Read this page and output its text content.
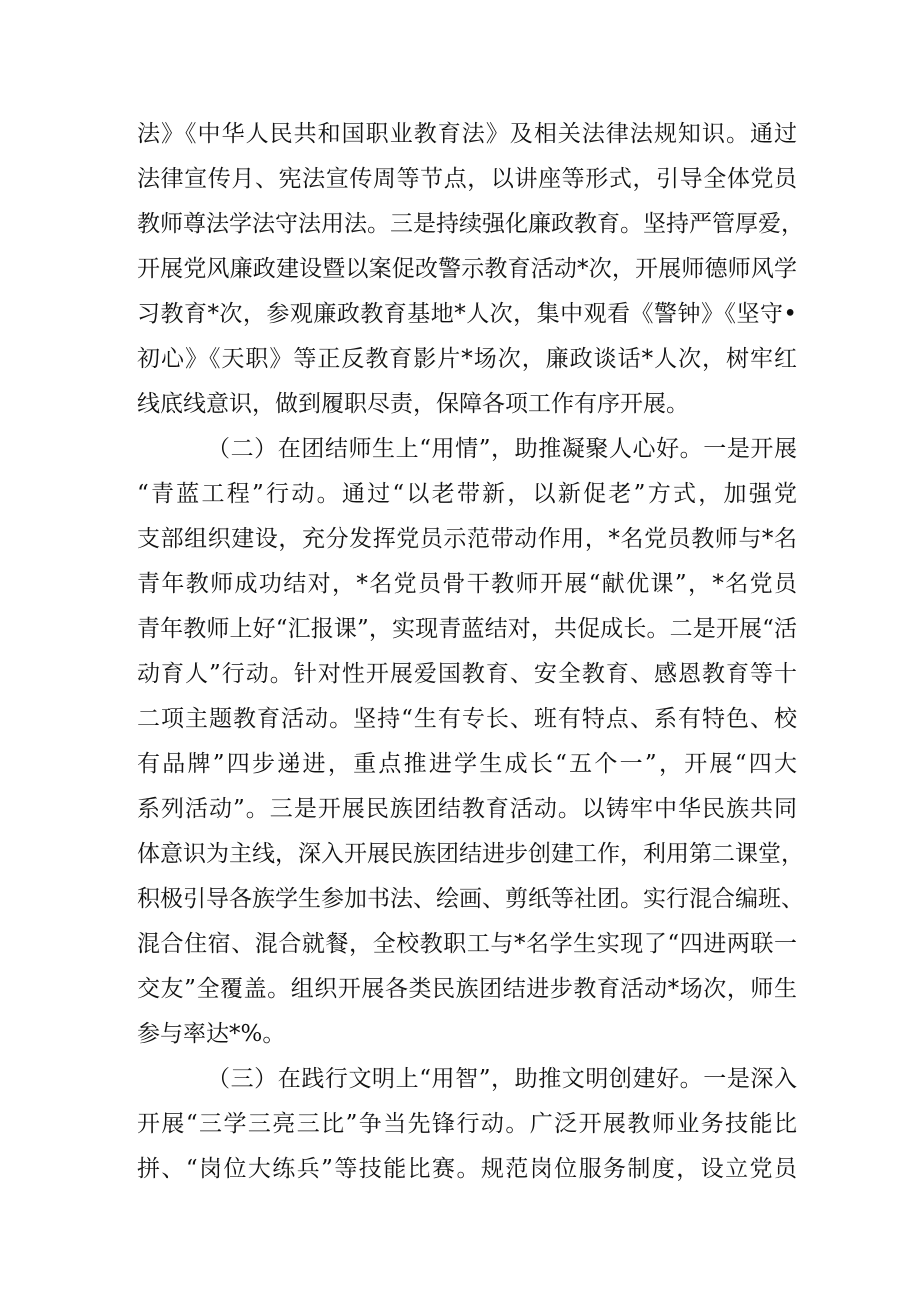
法》《中华人民共和国职业教育法》及相关法律法规知识。通过
法律宣传月、宪法宣传周等节点，以讲座等形式，引导全体党员
教师尊法学法守法用法。三是持续强化廉政教育。坚持严管厚爱，
开展党风廉政建设暨以案促改警示教育活动*次，开展师德师风学
习教育*次，参观廉政教育基地*人次，集中观看《警钟》《坚守•
初心》《天职》等正反教育影片*场次，廉政谈话*人次，树牢红
线底线意识，做到履职尽责，保障各项工作有序开展。
（二）在团结师生上“用情”，助推凝聚人心好。一是开展
“青蓝工程”行动。通过“以老带新，以新促老”方式，加强党
支部组织建设，充分发挥党员示范带动作用，*名党员教师与*名
青年教师成功结对，*名党员骨干教师开展“献优课”，*名党员
青年教师上好“汇报课”，实现青蓝结对，共促成长。二是开展“活
动育人”行动。针对性开展爱国教育、安全教育、感恩教育等十
二项主题教育活动。坚持“生有专长、班有特点、系有特色、校
有品牌”四步递进，重点推进学生成长“五个一”，开展“四大
系列活动”。三是开展民族团结教育活动。以铸牢中华民族共同
体意识为主线，深入开展民族团结进步创建工作，利用第二课堂，
积极引导各族学生参加书法、绘画、剪纸等社团。实行混合编班、
混合住宿、混合就餐，全校教职工与*名学生实现了“四进两联一
交友”全覆盖。组织开展各类民族团结进步教育活动*场次，师生
参与率达*%。
（三）在践行文明上“用智”，助推文明创建好。一是深入
开展“三学三亮三比”争当先锋行动。广泛开展教师业务技能比
拼、“岗位大练兵”等技能比赛。规范岗位服务制度，设立党员
